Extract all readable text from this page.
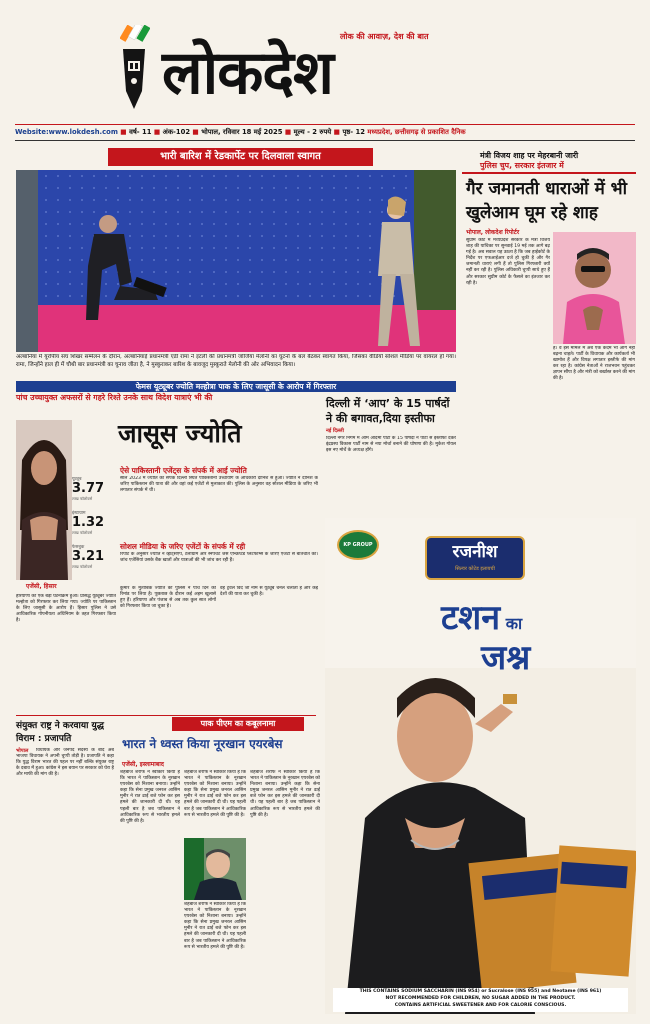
लोक की आवाज़, देश की बात
लोकदेश
Website:www.lokdesh.com ■ वर्ष- 11 ■ अंक-102 ■ भोपाल, रविवार 18 मई 2025 ■ मूल्य - 2 रुपये ■ पृष्ठ- 12 मध्यप्रदेश, छत्तीसगढ़ से प्रकाशित दैनिक
भारी बारिश में रेडकार्पेट पर दिलवाला स्वागत
अल्बानिया में यूरोपीय संघ शिखर सम्मेलन के दौरान, अल्बानियाई प्रधानमंत्री एडी रामा ने इटली की प्रधानमंत्री जॉर्जिया मेलोनी का घुटनों के बल बैठकर स्वागत किया, जिसका वीडियो सोशल मीडिया पर वायरल हो गया। रामा, जिन्होंने हाल ही में चौथी बार प्रधानमंत्री का चुनाव जीता है, ने मुस्कुराकर बारिश के बावजूद मुस्कुराते मेलोनी की ओर अभिवादन किया।
मंत्री विजय शाह पर मेहरबानी जारी
पुलिस चुप, सरकार इंतजार में
गैर जमानती धाराओं में भी खुलेआम घूम रहे शाह
भोपाल, लोकदेश रिपोर्टर
सुप्रीम कोर्ट में मध्यप्रदेश सरकार के मंत्री विजय शाह की याचिका पर सुनवाई 19 मई तक आगे बढ़ गई है। अब सवाल यह उठता है कि जब हाईकोर्ट के निर्देश पर एफआईआर दर्ज हो चुकी है और गैर जमानती धाराएं लगी हैं तो पुलिस गिरफ्तारी क्यों नहीं कर रही है। पुलिस अधिकारी चुप्पी साधे हुए हैं और सरकार सुप्रीम कोर्ट के फैसले का इंतजार कर रही है।
है। वे इस मामले में अब एक कदम भी आगे नहीं बढ़ना चाहते। पार्टी के विधायक और कार्यकर्ता भी खामोश हैं और विपक्ष लगातार इस्तीफे की मांग कर रहा है। कांग्रेस नेताओं ने राजभवन पहुंचकर ज्ञापन सौंपा है और मंत्री को बर्खास्त करने की मांग की है।
फेमस यूट्यूबर ज्योति मल्होत्रा पाक के लिए जासूसी के आरोप में गिरफ्तार
पांच उच्चायुक्त अफसरों से गहरे रिश्ते उनके साथ विदेश यात्राएं भी की
जासूस ज्योति
यूट्यूब
3.77
लाख फॉलोवर्स
इंस्टाग्राम
1.32
लाख फॉलोवर्स
फेसबुक
3.21
लाख फॉलोवर्स
एजेंसी, हिसार
ऐसे पाकिस्तानी एजेंट्स के संपर्क में आई ज्योति
साल 2023 में ज्योति का संपर्क दिल्ली स्थित पाकिस्तानी उच्चायोग के अधिकारी दानिश से हुआ। ज्योति ने दानिश के जरिए पाकिस्तान की यात्रा की और वहां कई एजेंटों से मुलाकात की। पुलिस के अनुसार वह सोशल मीडिया के जरिए भी लगातार संपर्क में थी।
सोशल मीडिया के जरिए एजेंटों के संपर्क में रही
रिपोर्ट के अनुसार ज्योति ने व्हाट्सएप, टेलीग्राम और स्नैपचैट जैसे एन्क्रिप्टेड प्लेटफॉर्म्स के जरिए एजेंटों से बातचीत की। जांच एजेंसियां उसके बैंक खातों और यात्राओं की भी जांच कर रही हैं।
हरियाणा की एक बड़ा घटनाक्रम हुआ। प्रसिद्ध यूट्यूबर ज्योति मल्होत्रा को गिरफ्तार कर लिया गया। ज्योति पर पाकिस्तान के लिए जासूसी के आरोप हैं। हिसार पुलिस ने उसे आधिकारिक गोपनीयता अधिनियम के तहत गिरफ्तार किया है।
कुमार के मुताबिक ज्योति को पुलिस ने पांच दिन की रिमांड पर लिया है। पूछताछ के दौरान कई अहम खुलासे हुए हैं। हरियाणा और पंजाब से अब तक कुल सात लोगों को गिरफ्तार किया जा चुका है।
वह ट्रैवल विद जो नाम से यूट्यूब चैनल चलाती है और कई देशों की यात्रा कर चुकी है।
दिल्ली में ‘आप’ के 15 पार्षदों ने की बगावत,दिया इस्तीफा
नई दिल्ली
दिल्ली नगर निगम में आम आदमी पार्टी के 15 पार्षदों ने पार्टी से इस्तीफा देकर इंद्रप्रस्थ विकास पार्टी नाम से नया मोर्चा बनाने की घोषणा की है। मुकेश गोयल इस नए मोर्चे के अध्यक्ष होंगे।
KP GROUP	रजनीश
सिल्वर कोटेड इलायची
टशन का
जश्न
THIS CONTAINS SODIUM SACCHARIN (INS 954) or Sucralose (INS 955) and Neotame (INS 961)
NOT RECOMMENDED FOR CHILDREN, NO SUGAR ADDED IN THE PRODUCT.
CONTAINS ARTIFICIAL SWEETENER AND FOR CALORIE CONSCIOUS.
संयुक्त राष्ट्र ने करवाया युद्ध विराम : प्रजापति
भोपाल	विधायक और जनपद सदस्य के बाद अब भाजपा विधायक ने अपनी चुप्पी तोड़ी है। प्रजापति ने कहा कि युद्ध विराम भारत की पहल पर नहीं बल्कि संयुक्त राष्ट्र के दबाव में हुआ। कांग्रेस ने इस बयान पर सरकार को घेरा है और माफी की मांग की है।
पाक पीएम का कबूलनामा
भारत ने ध्वस्त किया नूरखान एयरबेस
एजेंसी, इस्लामाबाद
शहबाज शरीफ ने स्वीकार किया है कि भारत ने पाकिस्तान के नूरखान एयरबेस को निशाना बनाया। उन्होंने कहा कि सेना प्रमुख जनरल आसिम मुनीर ने रात ढाई बजे फोन कर इस हमले की जानकारी दी थी। यह पहली बार है जब पाकिस्तान ने आधिकारिक रूप से भारतीय हमले की पुष्टि की है।
शहबाज शरीफ ने स्वीकार किया है कि भारत ने पाकिस्तान के नूरखान एयरबेस को निशाना बनाया। उन्होंने कहा कि सेना प्रमुख जनरल आसिम मुनीर ने रात ढाई बजे फोन कर इस हमले की जानकारी दी थी। यह पहली बार है जब पाकिस्तान ने आधिकारिक रूप से भारतीय हमले की पुष्टि की है।
शहबाज शरीफ ने स्वीकार किया है कि भारत ने पाकिस्तान के नूरखान एयरबेस को निशाना बनाया। उन्होंने कहा कि सेना प्रमुख जनरल आसिम मुनीर ने रात ढाई बजे फोन कर इस हमले की जानकारी दी थी। यह पहली बार है जब पाकिस्तान ने आधिकारिक रूप से भारतीय हमले की पुष्टि की है।
शहबाज शरीफ ने स्वीकार किया है कि भारत ने पाकिस्तान के नूरखान एयरबेस को निशाना बनाया। उन्होंने कहा कि सेना प्रमुख जनरल आसिम मुनीर ने रात ढाई बजे फोन कर इस हमले की जानकारी दी थी। यह पहली बार है जब पाकिस्तान ने आधिकारिक रूप से भारतीय हमले की पुष्टि की है।
